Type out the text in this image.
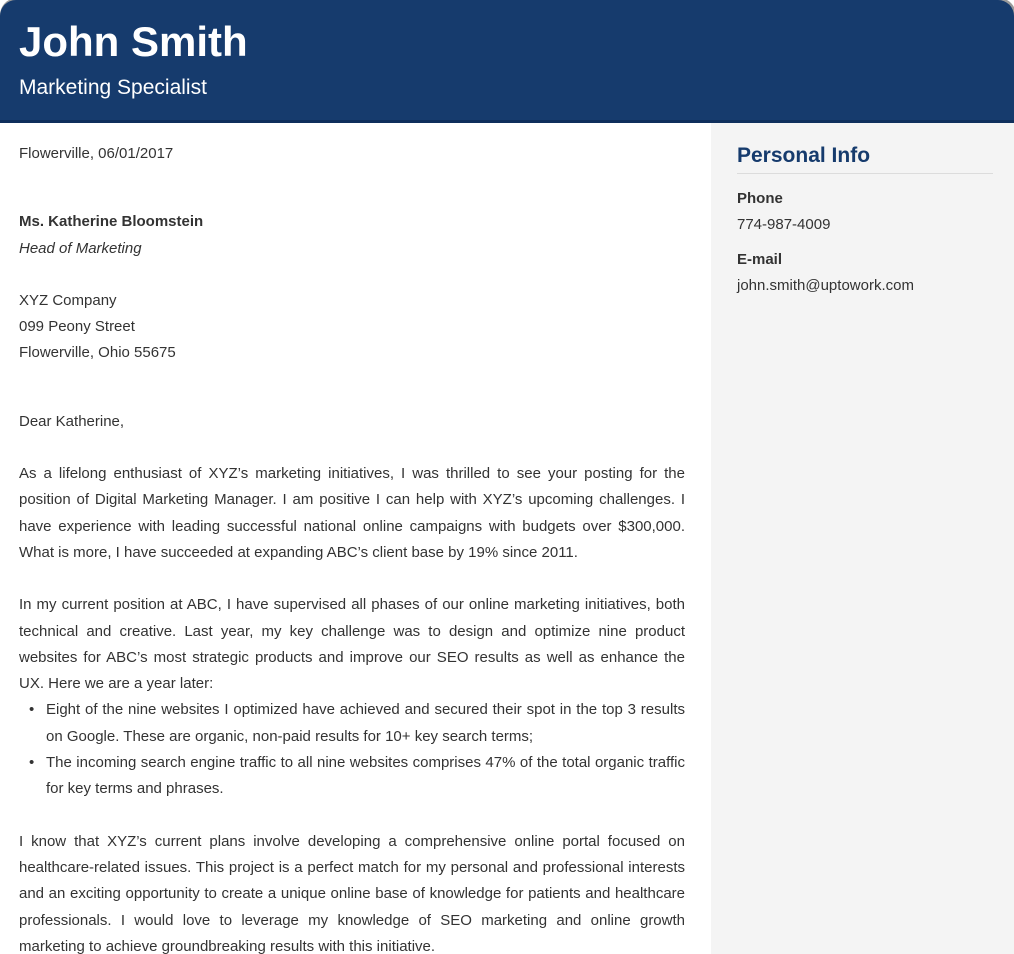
John Smith
Marketing Specialist

Flowerville, 06/01/2017

Ms. Katherine Bloomstein

Head of Marketing

XYZ Company

099 Peony Street

Flowerville, Ohio 55675

Dear Katherine,

As a lifelong enthusiast of XYZ’s marketing initiatives, I was thrilled to see your posting for the position of Digital Marketing Manager. I am positive I can help with XYZ’s upcoming challenges. I have experience with leading successful national online campaigns with budgets over $300,000. What is more, I have succeeded at expanding ABC’s client base by 19% since 2011.

In my current position at ABC, I have supervised all phases of our online marketing initiatives, both technical and creative. Last year, my key challenge was to design and optimize nine product websites for ABC’s most strategic products and improve our SEO results as well as enhance the UX. Here we are a year later:

• Eight of the nine websites I optimized have achieved and secured their spot in the top 3 results on Google. These are organic, non-paid results for 10+ key search terms;
• The incoming search engine traffic to all nine websites comprises 47% of the total organic traffic for key terms and phrases.

I know that XYZ’s current plans involve developing a comprehensive online portal focused on healthcare-related issues. This project is a perfect match for my personal and professional interests and an exciting opportunity to create a unique online base of knowledge for patients and healthcare professionals. I would love to leverage my knowledge of SEO marketing and online growth marketing to achieve groundbreaking results with this initiative.

Personal Info
Phone
774-987-4009
E-mail
john.smith@uptowork.com
